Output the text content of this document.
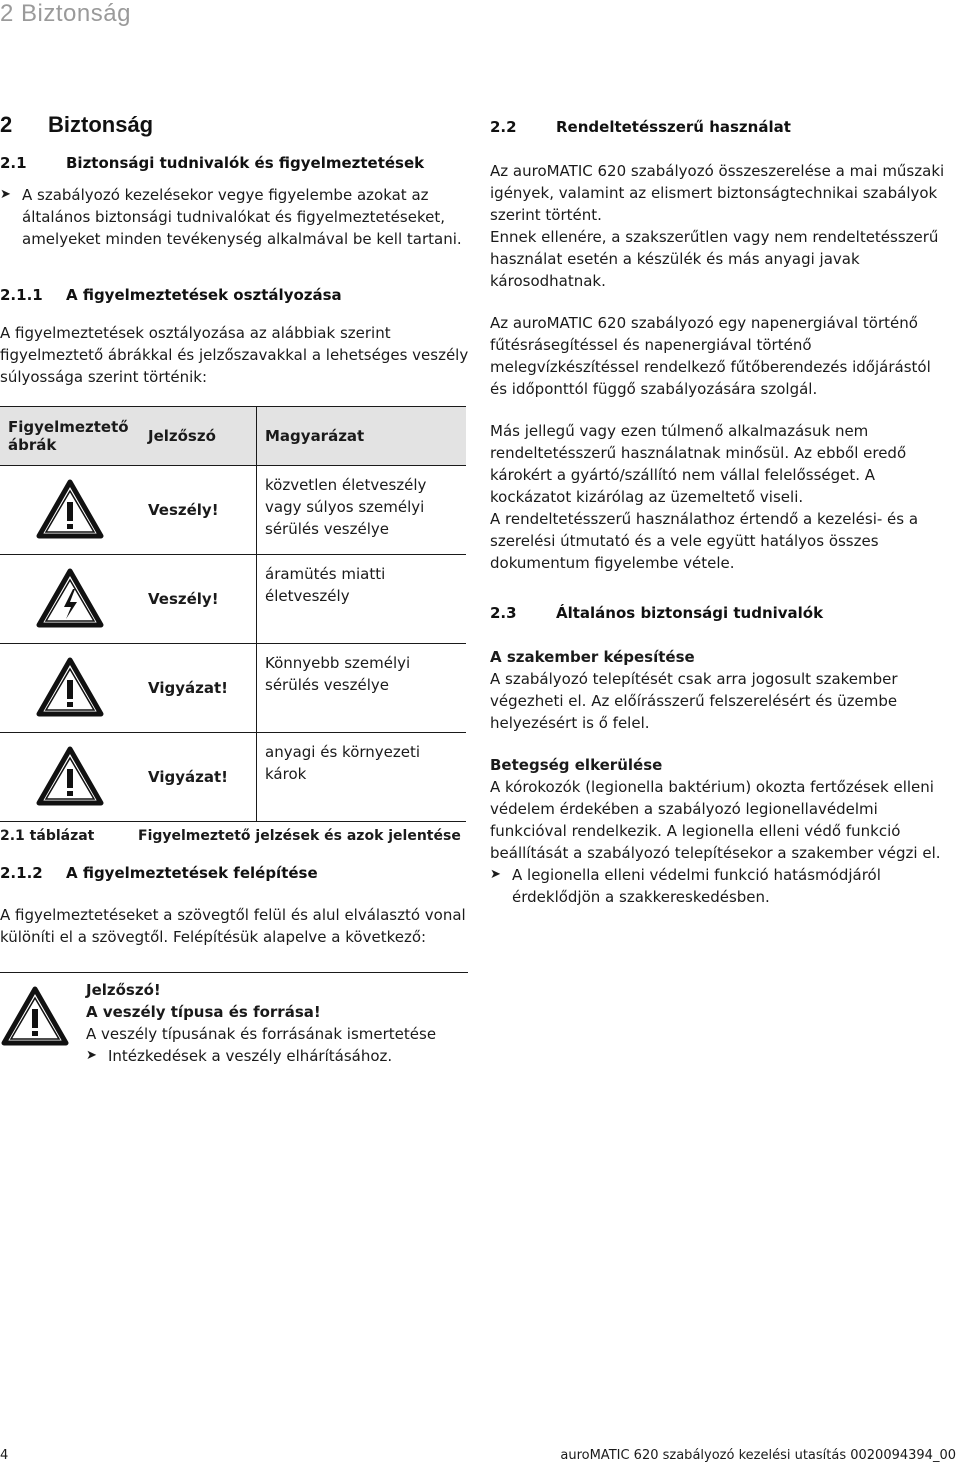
2 Biztonság
2 Biztonság
2.1	Biztonsági tudnivalók és figyelmeztetések
➤ A szabályozó kezelésekor vegye figyelembe azokat az általános biztonsági tudnivalókat és figyelmeztetéseket, amelyeket minden tevékenység alkalmával be kell tartani.
2.1.1 A figyelmeztetések osztályozása

A figyelmeztetések osztályozása az alábbiak szerint figyelmeztető ábrákkal és jelzőszavakkal a lehetséges veszély súlyossága szerint történik:

Figyelmeztető ábrák	Jelzőszó	Magyarázat
	Veszély!	közvetlen életveszély vagy súlyos személyi sérülés veszélye
	Veszély!	áramütés miatti életveszély
	Vigyázat!	Könnyebb személyi sérülés veszélye
	Vigyázat!	anyagi és környezeti károk
2.1 táblázat	Figyelmeztető jelzések és azok jelentése
2.1.2 A figyelmeztetések felépítése

A figyelmeztetéseket a szövegtől felül és alul elválasztó vonal különíti el a szövegtől. Felépítésük alapelve a következő:

Jelzőszó!

A veszély típusa és forrása!

A veszély típusának és forrásának ismertetése

➤ Intézkedések a veszély elhárításához.
2.2	Rendeltetésszerű használat

Az auroMATIC 620 szabályozó összeszerelése a mai műszaki igények, valamint az elismert biztonságtechnikai szabályok szerint történt.

Ennek ellenére, a szakszerűtlen vagy nem rendeltetésszerű használat esetén a készülék és más anyagi javak károsodhatnak.

Az auroMATIC 620 szabályozó egy napenergiával történő fűtésrásegítéssel és napenergiával történő melegvízkészítéssel rendelkező fűtőberendezés időjárástól és időponttól függő szabályozására szolgál.

Más jellegű vagy ezen túlmenő alkalmazásuk nem rendeltetésszerű használatnak minősül. Az ebből eredő károkért a gyártó/szállító nem vállal felelősséget. A kockázatot kizárólag az üzemeltető viseli.

A rendeltetésszerű használathoz értendő a kezelési- és a szerelési útmutató és a vele együtt hatályos összes dokumentum figyelembe vétele.

2.3	Általános biztonsági tudnivalók

A szakember képesítése

A szabályozó telepítését csak arra jogosult szakember végezheti el. Az előírásszerű felszerelésért és üzembe helyezésért is ő felel.

Betegség elkerülése

A kórokozók (legionella baktérium) okozta fertőzések elleni védelem érdekében a szabályozó legionellavédelmi funkcióval rendelkezik. A legionella elleni védő funkció beállítását a szabályozó telepítésekor a szakember végzi el.

➤ A legionella elleni védelmi funkció hatásmódjáról érdeklődjön a szakkereskedésben.
4	auroMATIC 620 szabályozó kezelési utasítás 0020094394_00
